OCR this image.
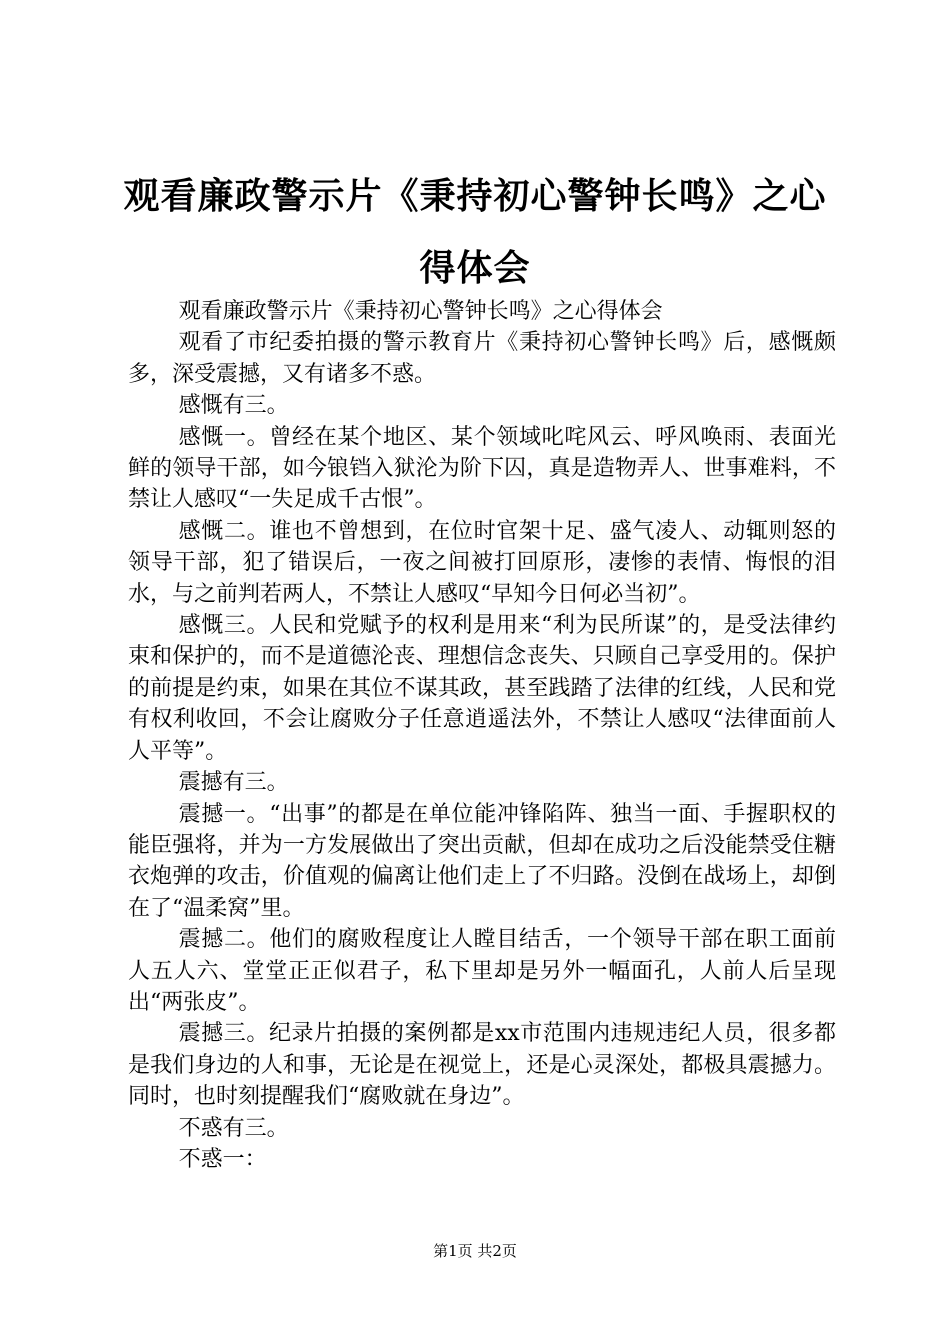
观看廉政警示片《秉持初心警钟长鸣》之心得体会

观看廉政警示片《秉持初心警钟长鸣》之心得体会

观看了市纪委拍摄的警示教育片《秉持初心警钟长鸣》后，感慨颇多，深受震撼，又有诸多不惑。

感慨有三。

感慨一。曾经在某个地区、某个领域叱咤风云、呼风唤雨、表面光鲜的领导干部，如今锒铛入狱沦为阶下囚，真是造物弄人、世事难料，不禁让人感叹“一失足成千古恨”。

感慨二。谁也不曾想到，在位时官架十足、盛气凌人、动辄则怒的领导干部，犯了错误后，一夜之间被打回原形，凄惨的表情、悔恨的泪水，与之前判若两人，不禁让人感叹“早知今日何必当初”。

感慨三。人民和党赋予的权利是用来“利为民所谋”的，是受法律约束和保护的，而不是道德沦丧、理想信念丧失、只顾自己享受用的。保护的前提是约束，如果在其位不谋其政，甚至践踏了法律的红线，人民和党有权利收回，不会让腐败分子任意逍遥法外，不禁让人感叹“法律面前人人平等”。

震撼有三。

震撼一。“出事”的都是在单位能冲锋陷阵、独当一面、手握职权的能臣强将，并为一方发展做出了突出贡献，但却在成功之后没能禁受住糖衣炮弹的攻击，价值观的偏离让他们走上了不归路。没倒在战场上，却倒在了“温柔窝”里。

震撼二。他们的腐败程度让人瞠目结舌，一个领导干部在职工面前人五人六、堂堂正正似君子，私下里却是另外一幅面孔，人前人后呈现出“两张皮”。

震撼三。纪录片拍摄的案例都是xx市范围内违规违纪人员，很多都是我们身边的人和事，无论是在视觉上，还是心灵深处，都极具震撼力。同时，也时刻提醒我们“腐败就在身边”。

不惑有三。

不惑一：

第1页 共2页
